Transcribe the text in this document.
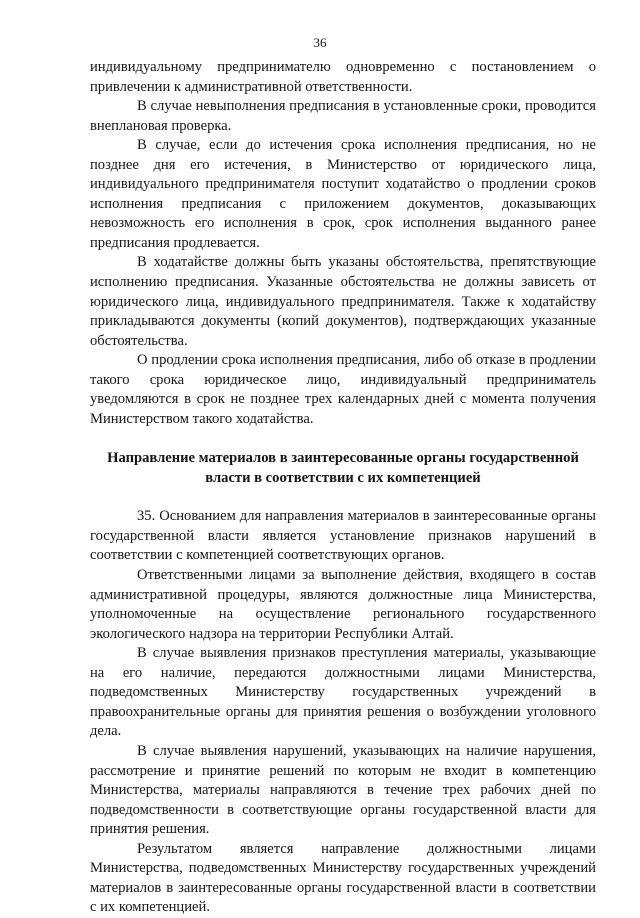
36

индивидуальному предпринимателю одновременно с постановлением о привлечении к административной ответственности.

В случае невыполнения предписания в установленные сроки, проводится внеплановая проверка.

В случае, если до истечения срока исполнения предписания, но не позднее дня его истечения, в Министерство от юридического лица, индивидуального предпринимателя поступит ходатайство о продлении сроков исполнения предписания с приложением документов, доказывающих невозможность его исполнения в срок, срок исполнения выданного ранее предписания продлевается.

В ходатайстве должны быть указаны обстоятельства, препятствующие исполнению предписания. Указанные обстоятельства не должны зависеть от юридического лица, индивидуального предпринимателя. Также к ходатайству прикладываются документы (копий документов), подтверждающих указанные обстоятельства.

О продлении срока исполнения предписания, либо об отказе в продлении такого срока юридическое лицо, индивидуальный предприниматель уведомляются в срок не позднее трех календарных дней с момента получения Министерством такого ходатайства.

Направление материалов в заинтересованные органы государственной власти в соответствии с их компетенцией

35. Основанием для направления материалов в заинтересованные органы государственной власти является установление признаков нарушений в соответствии с компетенцией соответствующих органов.

Ответственными лицами за выполнение действия, входящего в состав административной процедуры, являются должностные лица Министерства, уполномоченные на осуществление регионального государственного экологического надзора на территории Республики Алтай.

В случае выявления признаков преступления материалы, указывающие на его наличие, передаются должностными лицами Министерства, подведомственных Министерству государственных учреждений в правоохранительные органы для принятия решения о возбуждении уголовного дела.

В случае выявления нарушений, указывающих на наличие нарушения, рассмотрение и принятие решений по которым не входит в компетенцию Министерства, материалы направляются в течение трех рабочих дней по подведомственности в соответствующие органы государственной власти для принятия решения.

Результатом является направление должностными лицами Министерства, подведомственных Министерству государственных учреждений материалов в заинтересованные органы государственной власти в соответствии с их компетенцией.
